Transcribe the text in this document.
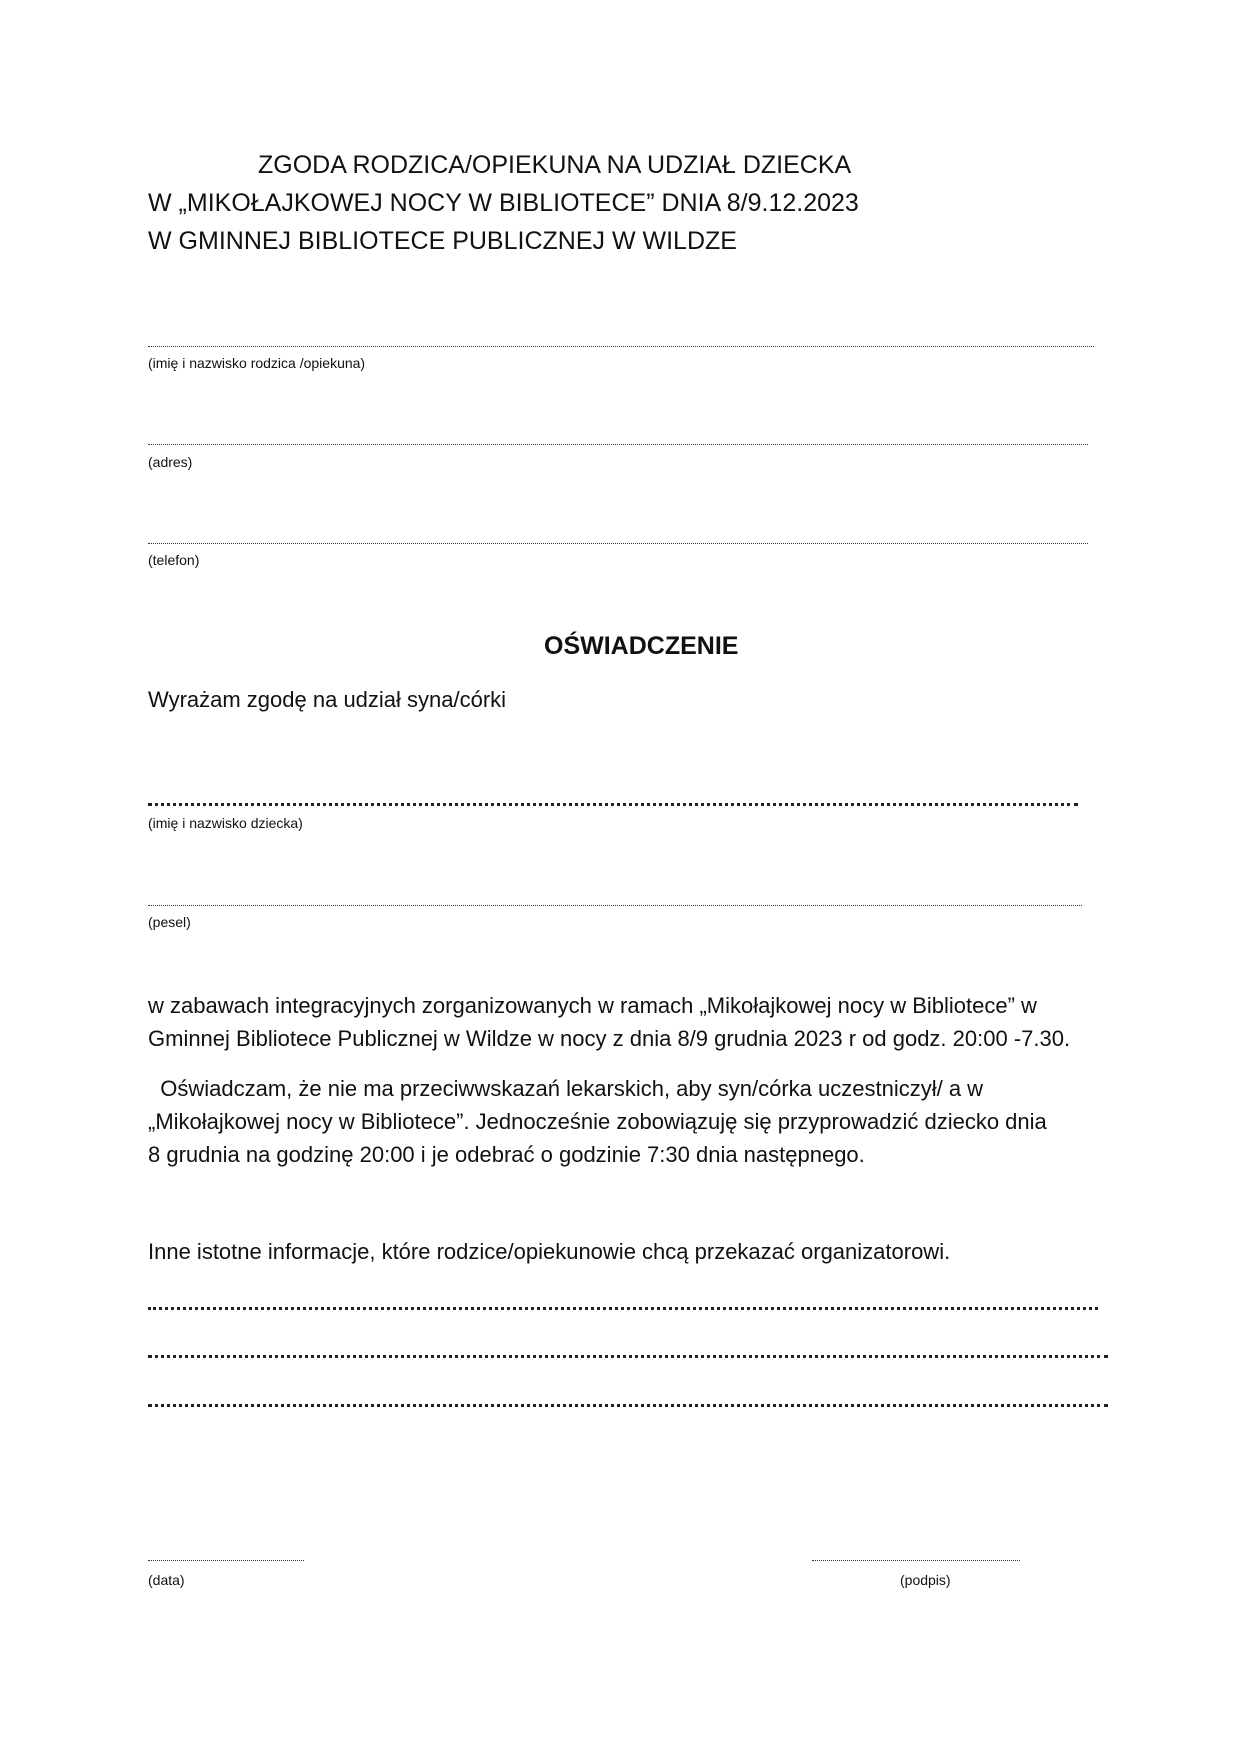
ZGODA RODZICA/OPIEKUNA NA UDZIAŁ DZIECKA
W „MIKOŁAJKOWEJ NOCY W BIBLIOTECE” DNIA 8/9.12.2023
W GMINNEJ BIBLIOTECE PUBLICZNEJ W WILDZE
(imię i nazwisko rodzica /opiekuna)
(adres)
(telefon)
OŚWIADCZENIE
Wyrażam zgodę na udział syna/córki
(imię i nazwisko dziecka)
(pesel)
w zabawach integracyjnych zorganizowanych w ramach „Mikołajkowej nocy w Bibliotece” w
Gminnej Bibliotece Publicznej w Wildze w nocy z dnia 8/9 grudnia 2023 r od godz. 20:00 -7.30.
Oświadczam, że nie ma przeciwwskazań lekarskich, aby syn/córka uczestniczył/ a w
„Mikołajkowej nocy w Bibliotece”. Jednocześnie zobowiązuję się przyprowadzić dziecko dnia
8 grudnia na godzinę 20:00 i je odebrać o godzinie 7:30 dnia następnego.
Inne istotne informacje, które rodzice/opiekunowie chcą przekazać organizatorowi.
(data)	(podpis)
